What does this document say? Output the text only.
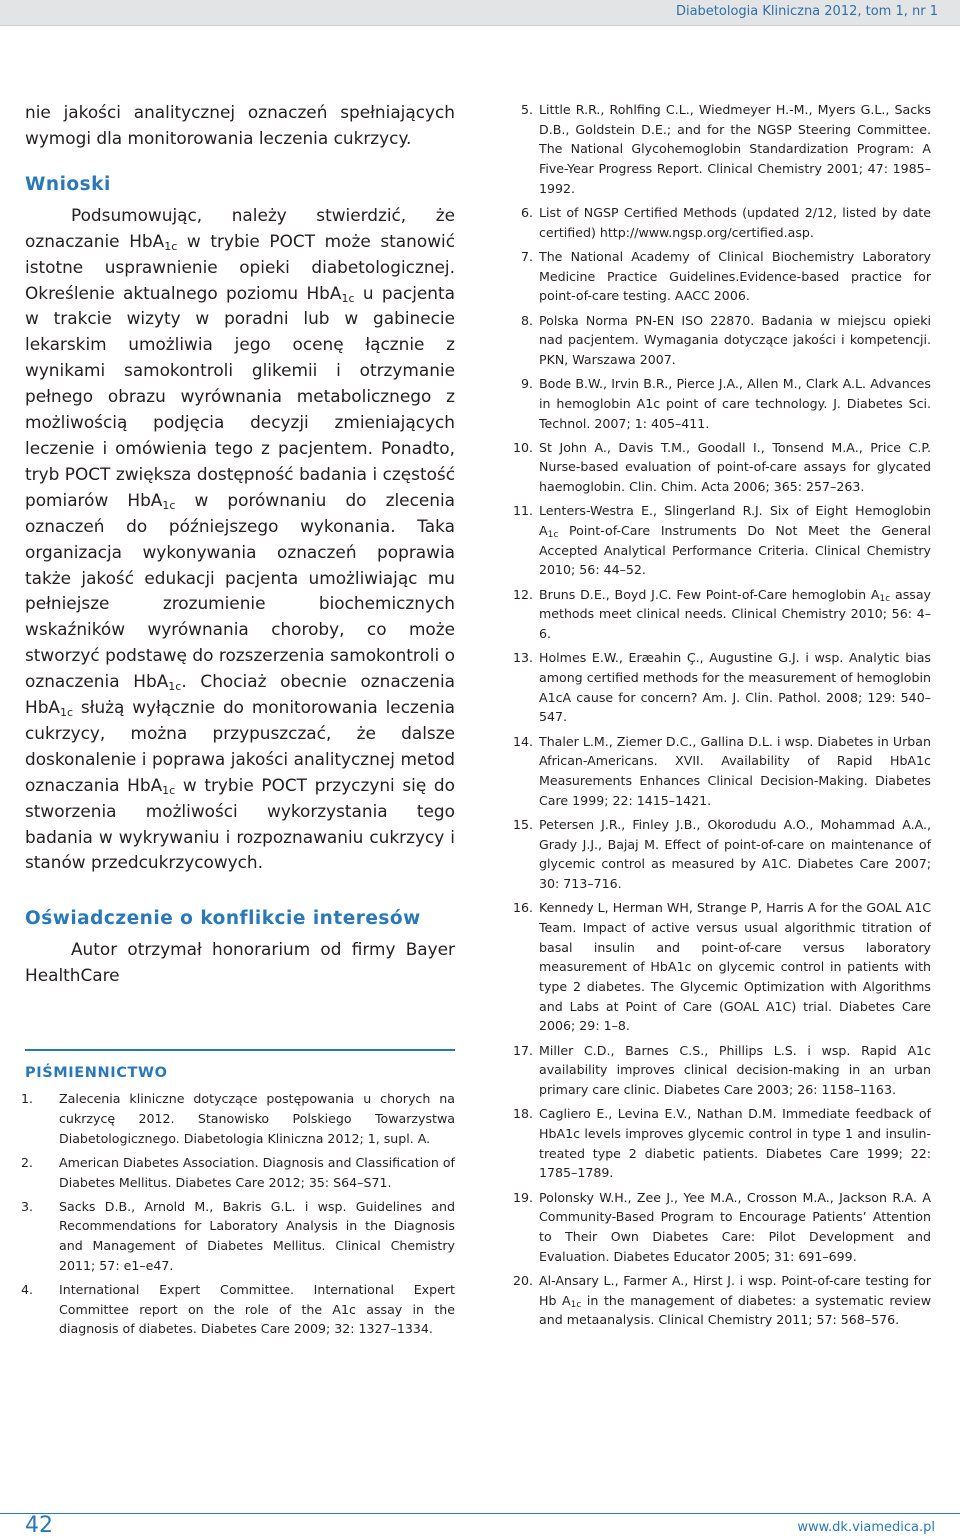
Diabetologia Kliniczna 2012, tom 1, nr 1

nie jakości analitycznej oznaczeń spełniających wymogi dla monitorowania leczenia cukrzycy.

Wnioski

Podsumowując, należy stwierdzić, że oznaczanie HbA$_{1c}$ w trybie POCT może stanowić istotne usprawnienie opieki diabetologicznej. Określenie aktualnego poziomu HbA$_{1c}$ u pacjenta w trakcie wizyty w poradni lub w gabinecie lekarskim umożliwia jego ocenę łącznie z wynikami samokontroli glikemii i otrzymanie pełnego obrazu wyrównania metabolicznego z możliwością podjęcia decyzji zmieniających leczenie i omówienia tego z pacjentem. Ponadto, tryb POCT zwiększa dostępność badania i częstość pomiarów HbA$_{1c}$ w porównaniu do zlecenia oznaczeń do późniejszego wykonania. Taka organizacja wykonywania oznaczeń poprawia także jakość edukacji pacjenta umożliwiając mu pełniejsze zrozumienie biochemicznych wskaźników wyrównania choroby, co może stworzyć podstawę do rozszerzenia samokontroli o oznaczenia HbA$_{1c}$. Chociaż obecnie oznaczenia HbA$_{1c}$ służą wyłącznie do monitorowania leczenia cukrzycy, można przypuszczać, że dalsze doskonalenie i poprawa jakości analitycznej metod oznaczania HbA$_{1c}$ w trybie POCT przyczyni się do stworzenia możliwości wykorzystania tego badania w wykrywaniu i rozpoznawaniu cukrzycy i stanów przedcukrzycowych.

Oświadczenie o konflikcie interesów

Autor otrzymał honorarium od firmy Bayer HealthCare

PIŚMIENNICTWO
1. Zalecenia kliniczne dotyczące postępowania u chorych na cukrzycę 2012. Stanowisko Polskiego Towarzystwa Diabetologicznego. Diabetologia Kliniczna 2012; 1, supl. A.
2. American Diabetes Association. Diagnosis and Classification of Diabetes Mellitus. Diabetes Care 2012; 35: S64–S71.
3. Sacks D.B., Arnold M., Bakris G.L. i wsp. Guidelines and Recommendations for Laboratory Analysis in the Diagnosis and Management of Diabetes Mellitus. Clinical Chemistry 2011; 57: e1–e47.
4. International Expert Committee. International Expert Committee report on the role of the A1c assay in the diagnosis of diabetes. Diabetes Care 2009; 32: 1327–1334.
5. Little R.R., Rohlfing C.L., Wiedmeyer H.-M., Myers G.L., Sacks D.B., Goldstein D.E.; and for the NGSP Steering Committee. The National Glycohemoglobin Standardization Program: A Five-Year Progress Report. Clinical Chemistry 2001; 47: 1985–1992.
6. List of NGSP Certified Methods (updated 2/12, listed by date certified) http://www.ngsp.org/certified.asp.
7. The National Academy of Clinical Biochemistry Laboratory Medicine Practice Guidelines.Evidence-based practice for point-of-care testing. AACC 2006.
8. Polska Norma PN-EN ISO 22870. Badania w miejscu opieki nad pacjentem. Wymagania dotyczące jakości i kompetencji. PKN, Warszawa 2007.
9. Bode B.W., Irvin B.R., Pierce J.A., Allen M., Clark A.L. Advances in hemoglobin A1c point of care technology. J. Diabetes Sci. Technol. 2007; 1: 405–411.
10. St John A., Davis T.M., Goodall I., Tonsend M.A., Price C.P. Nurse-based evaluation of point-of-care assays for glycated haemoglobin. Clin. Chim. Acta 2006; 365: 257–263.
11. Lenters-Westra E., Slingerland R.J. Six of Eight Hemoglobin $A_{1c}$ Point-of-Care Instruments Do Not Meet the General Accepted Analytical Performance Criteria. Clinical Chemistry 2010; 56: 44–52.
12. Bruns D.E., Boyd J.C. Few Point-of-Care hemoglobin $A_{1c}$ assay methods meet clinical needs. Clinical Chemistry 2010; 56: 4–6.
13. Holmes E.W., Eræahin Ç., Augustine G.J. i wsp. Analytic bias among certified methods for the measurement of hemoglobin A1cA cause for concern? Am. J. Clin. Pathol. 2008; 129: 540–547.
14. Thaler L.M., Ziemer D.C., Gallina D.L. i wsp. Diabetes in Urban African-Americans. XVII. Availability of Rapid HbA1c Measurements Enhances Clinical Decision-Making. Diabetes Care 1999; 22: 1415–1421.
15. Petersen J.R., Finley J.B., Okorodudu A.O., Mohammad A.A., Grady J.J., Bajaj M. Effect of point-of-care on maintenance of glycemic control as measured by A1C. Diabetes Care 2007; 30: 713–716.
16. Kennedy L, Herman WH, Strange P, Harris A for the GOAL A1C Team. Impact of active versus usual algorithmic titration of basal insulin and point-of-care versus laboratory measurement of HbA1c on glycemic control in patients with type 2 diabetes. The Glycemic Optimization with Algorithms and Labs at Point of Care (GOAL A1C) trial. Diabetes Care 2006; 29: 1–8.
17. Miller C.D., Barnes C.S., Phillips L.S. i wsp. Rapid A1c availability improves clinical decision-making in an urban primary care clinic. Diabetes Care 2003; 26: 1158–1163.
18. Cagliero E., Levina E.V., Nathan D.M. Immediate feedback of HbA1c levels improves glycemic control in type 1 and insulin-treated type 2 diabetic patients. Diabetes Care 1999; 22: 1785–1789.
19. Polonsky W.H., Zee J., Yee M.A., Crosson M.A., Jackson R.A. A Community-Based Program to Encourage Patients’ Attention to Their Own Diabetes Care: Pilot Development and Evaluation. Diabetes Educator 2005; 31: 691–699.
20. Al-Ansary L., Farmer A., Hirst J. i wsp. Point-of-care testing for Hb $A_{1c}$ in the management of diabetes: a systematic review and metaanalysis. Clinical Chemistry 2011; 57: 568–576.
42	www.dk.viamedica.pl
